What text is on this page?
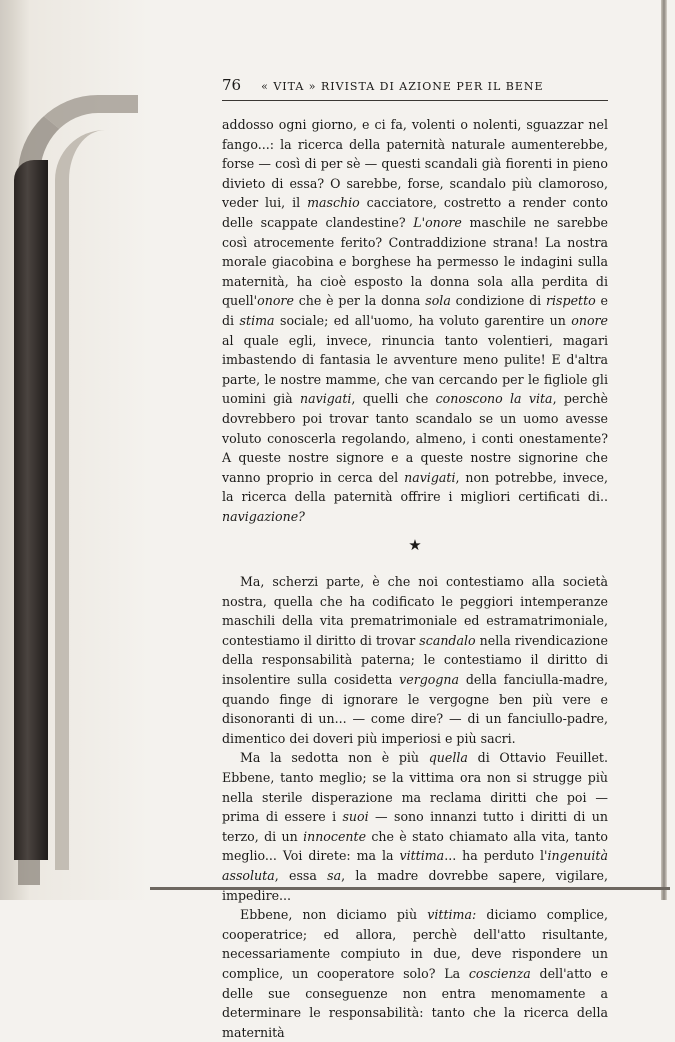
76 « VITA » RIVISTA DI AZIONE PER IL BENE

addosso ogni giorno, e ci fa, volenti o nolenti, sguazzar nel fango...: la ricerca della paternità naturale aumenterebbe, forse — così di per sè — questi scandali già fiorenti in pieno divieto di essa? O sarebbe, forse, scandalo più clamoroso, veder lui, il maschio cacciatore, costretto a render conto delle scappate clandestine? L'onore maschile ne sarebbe così atrocemente ferito? Contraddizione strana! La nostra morale giacobina e borghese ha permesso le indagini sulla maternità, ha cioè esposto la donna sola alla perdita di quell'onore che è per la donna sola condizione di rispetto e di stima sociale; ed all'uomo, ha voluto garentire un onore al quale egli, invece, rinuncia tanto volentieri, magari imbastendo di fantasia le avventure meno pulite! E d'altra parte, le nostre mamme, che van cercando per le figliole gli uomini già navigati, quelli che conoscono la vita, perchè dovrebbero poi trovar tanto scandalo se un uomo avesse voluto conoscerla regolando, almeno, i conti onestamente? A queste nostre signore e a queste nostre signorine che vanno proprio in cerca del navigati, non potrebbe, invece, la ricerca della paternità offrire i migliori certificati di.. navigazione?

★

Ma, scherzi parte, è che noi contestiamo alla società nostra, quella che ha codificato le peggiori intemperanze maschili della vita prematrimoniale ed estramatrimoniale, contestiamo il diritto di trovar scandalo nella rivendicazione della responsabilità paterna; le contestiamo il diritto di insolentire sulla cosidetta vergogna della fanciulla-madre, quando finge di ignorare le vergogne ben più vere e disonoranti di un... — come dire? — di un fanciullo-padre, dimentico dei doveri più imperiosi e più sacri.

Ma la sedotta non è più quella di Ottavio Feuillet. Ebbene, tanto meglio; se la vittima ora non si strugge più nella sterile disperazione ma reclama diritti che poi — prima di essere i suoi — sono innanzi tutto i diritti di un terzo, di un innocente che è stato chiamato alla vita, tanto meglio... Voi direte: ma la vittima... ha perduto l'ingenuità assoluta, essa sa, la madre dovrebbe sapere, vigilare, impedire...

Ebbene, non diciamo più vittima: diciamo complice, cooperatrice; ed allora, perchè dell'atto risultante, necessariamente compiuto in due, deve rispondere un complice, un cooperatore solo? La coscienza dell'atto e delle sue conseguenze non entra menomamente a determinare le responsabilità: tanto che la ricerca della maternità
